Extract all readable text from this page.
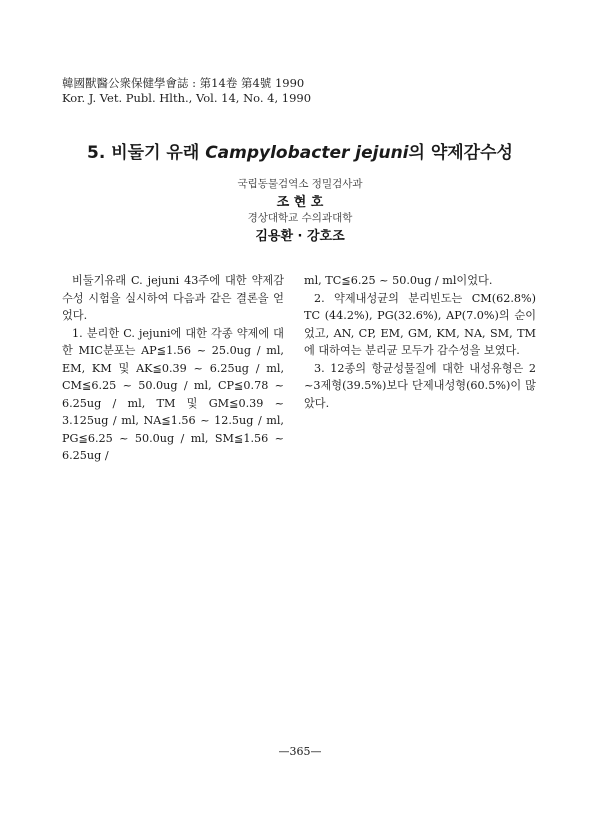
韓國獸醫公衆保健學會誌 : 第14卷 第4號 1990
Kor. J. Vet. Publ. Hlth., Vol. 14, No. 4, 1990
5. 비둘기 유래 Campylobacter jejuni의 약제감수성
국립동물검역소 정밀검사과
조 현 호
경상대학교 수의과대학
김용환 · 강호조

비둘기유래 C. jejuni 43주에 대한 약제감수성 시험을 실시하여 다음과 같은 결론을 얻었다.

1. 분리한 C. jejuni에 대한 각종 약제에 대한 MIC분포는 AP≦1.56 ~ 25.0ug / ml, EM, KM 및 AK≦0.39 ~ 6.25ug / ml, CM≦6.25 ~ 50.0ug / ml, CP≦0.78 ~ 6.25ug / ml, TM 및 GM≦0.39 ~ 3.125ug / ml, NA≦1.56 ~ 12.5ug / ml, PG≦6.25 ~ 50.0ug / ml, SM≦1.56 ~ 6.25ug /

ml, TC≦6.25 ~ 50.0ug / ml이었다.

2. 약제내성균의 분리빈도는 CM(62.8%) TC (44.2%), PG(32.6%), AP(7.0%)의 순이었고, AN, CP, EM, GM, KM, NA, SM, TM에 대하여는 분리균 모두가 감수성을 보였다.

3. 12종의 항균성물질에 대한 내성유형은 2 ~3제형(39.5%)보다 단제내성형(60.5%)이 많았다.

—365—
